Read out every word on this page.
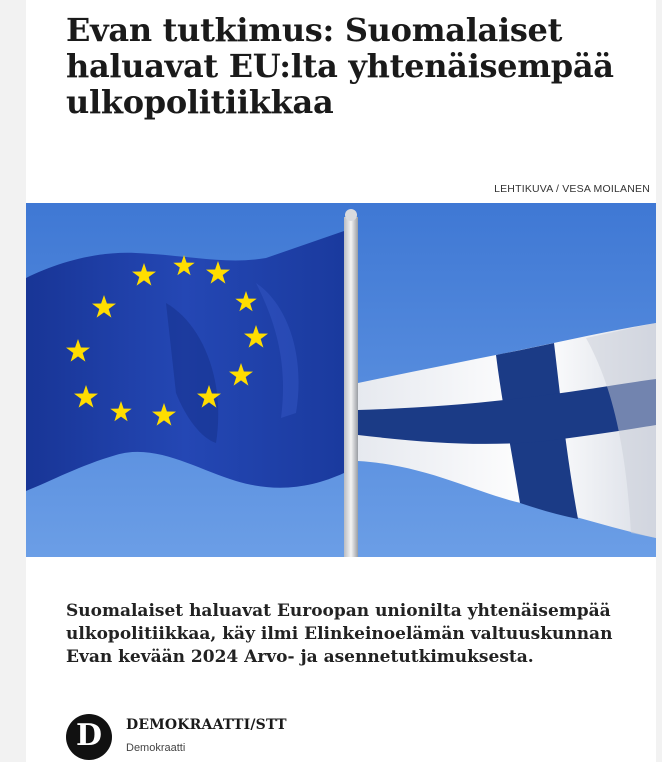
Evan tutkimus: Suomalaiset haluavat EU:lta yhtenäisempää ulkopolitiikkaa
LEHTIKUVA / VESA MOILANEN

Suomalaiset haluavat Euroopan unionilta yhtenäisempää ulkopolitiikkaa, käy ilmi Elinkeinoelämän valtuuskunnan Evan kevään 2024 Arvo- ja asennetutkimuksesta.

D DEMOKRAATTI/STT
Demokraatti
